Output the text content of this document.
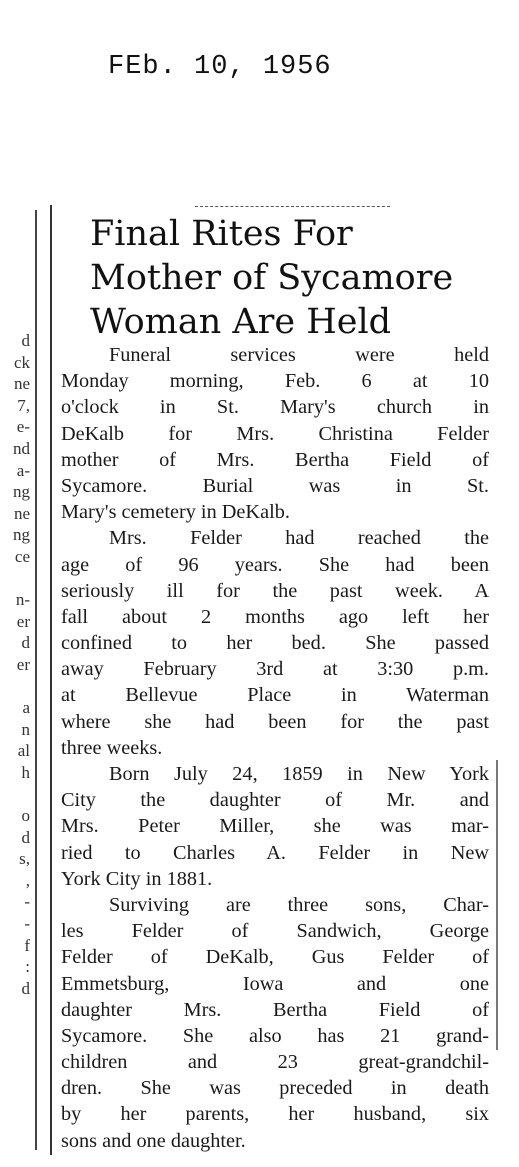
FEb. 10, 1956
d
ck
ne
7,
e-
nd
a-
ng
ne
ng
ce
n-
er
d
er
a
n
al
h
o
d
s,
,
-
-
f
:
d
Final Rites For
Mother of Sycamore
Woman Are Held
Funeral services were held
Monday morning, Feb. 6 at 10
o'clock in St. Mary's church in
DeKalb for Mrs. Christina Felder
mother of Mrs. Bertha Field of
Sycamore. Burial was in St.
Mary's cemetery in DeKalb.
Mrs. Felder had reached the
age of 96 years. She had been
seriously ill for the past week. A
fall about 2 months ago left her
confined to her bed. She passed
away February 3rd at 3:30 p.m.
at Bellevue Place in Waterman
where she had been for the past
three weeks.
Born July 24, 1859 in New York
City the daughter of Mr. and
Mrs. Peter Miller, she was mar-
ried to Charles A. Felder in New
York City in 1881.
Surviving are three sons, Char-
les Felder of Sandwich, George
Felder of DeKalb, Gus Felder of
Emmetsburg, Iowa and one
daughter Mrs. Bertha Field of
Sycamore. She also has 21 grand-
children and 23 great-grandchil-
dren. She was preceded in death
by her parents, her husband, six
sons and one daughter.
